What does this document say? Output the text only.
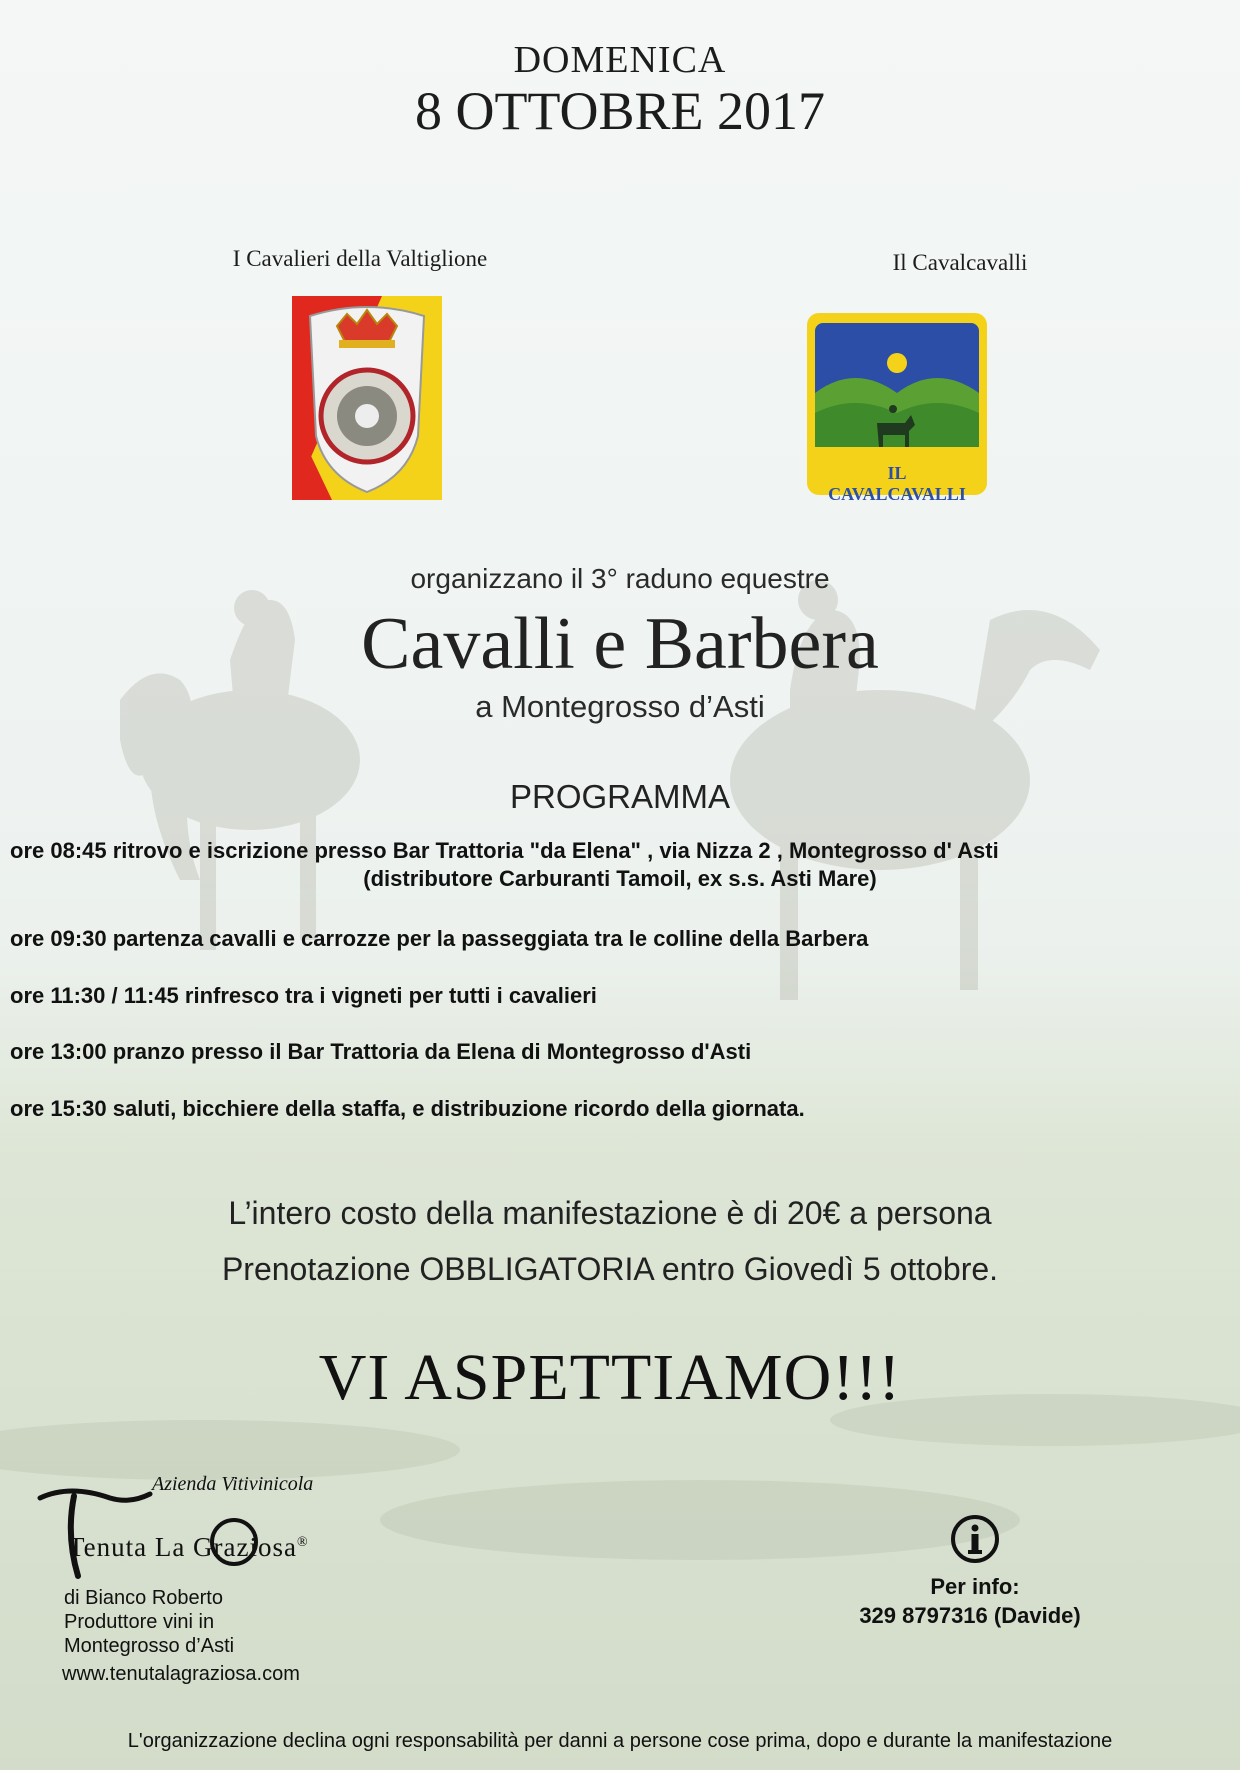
DOMENICA
8 OTTOBRE 2017
I Cavalieri della Valtiglione	Il Cavalcavalli
IL CAVALCAVALLI
organizzano il 3° raduno equestre
Cavalli e Barbera
a Montegrosso d’Asti
PROGRAMMA
ore 08:45 ritrovo e iscrizione presso Bar Trattoria "da Elena" , via Nizza 2 , Montegrosso d' Asti
(distributore Carburanti Tamoil, ex s.s. Asti Mare)
ore 09:30 partenza cavalli e carrozze per la passeggiata tra le colline della Barbera
ore 11:30 / 11:45 rinfresco tra i vigneti per tutti i cavalieri
ore 13:00 pranzo presso il Bar Trattoria da Elena di Montegrosso d'Asti
ore 15:30 saluti, bicchiere della staffa, e distribuzione ricordo della giornata.
L’intero costo della manifestazione è di 20€ a persona
Prenotazione OBBLIGATORIA entro Giovedì 5 ottobre.
VI ASPETTIAMO!!!
Azienda Vitivinicola
Tenuta La Graziosa®
di Bianco Roberto
Produttore vini in
Montegrosso d’Asti
www.tenutalagraziosa.com
Per info:
329 8797316 (Davide)
L'organizzazione declina ogni responsabilità per danni a persone cose prima, dopo e durante la manifestazione
